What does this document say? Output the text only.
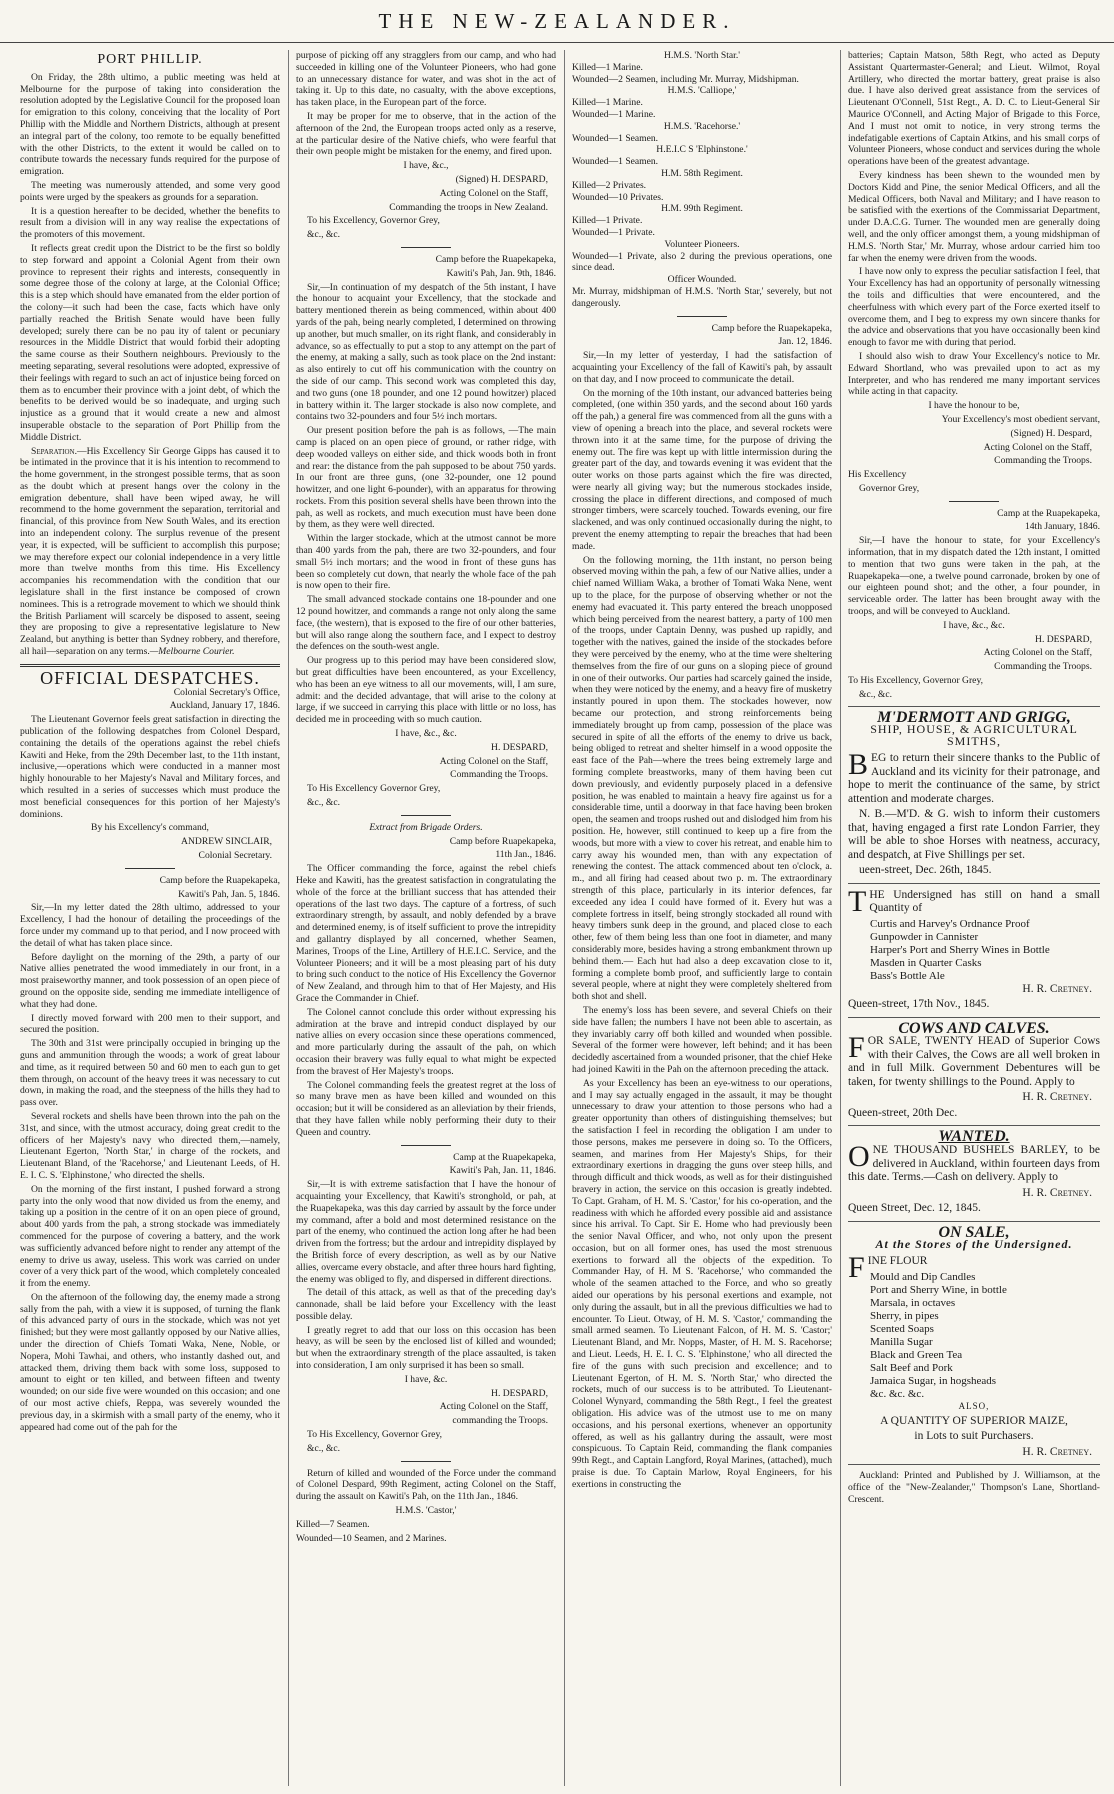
THE NEW-ZEALANDER.
PORT PHILLIP.

On Friday, the 28th ultimo, a public meeting was held at Melbourne for the purpose of taking into consideration the resolution adopted by the Legislative Council for the proposed loan for emigration to this colony, conceiving that the locality of Port Phillip with the Middle and Northern Districts, although at present an integral part of the colony, too remote to be equally benefitted with the other Districts, to the extent it would be called on to contribute towards the necessary funds required for the purpose of emigration.

The meeting was numerously attended, and some very good points were urged by the speakers as grounds for a separation.

It is a question hereafter to be decided, whether the benefits to result from a division will in any way realise the expectations of the promoters of this movement.

It reflects great credit upon the District to be the first so boldly to step forward and appoint a Colonial Agent from their own province to represent their rights and interests, consequently in some degree those of the colony at large, at the Colonial Office; this is a step which should have emanated from the elder portion of the colony—it such had been the case, facts which have only partially reached the British Senate would have been fully developed; surely there can be no pau ity of talent or pecuniary resources in the Middle District that would forbid their adopting the same course as their Southern neighbours. Previously to the meeting separating, several resolutions were adopted, expressive of their feelings with regard to such an act of injustice being forced on them as to encumber their province with a joint debt, of which the benefits to be derived would be so inadequate, and urging such injustice as a ground that it would create a new and almost insuperable obstacle to the separation of Port Phillip from the Middle District.

Separation.—His Excellency Sir George Gipps has caused it to be intimated in the province that it is his intention to recommend to the home government, in the strongest possible terms, that as soon as the doubt which at present hangs over the colony in the emigration debenture, shall have been wiped away, he will recommend to the home government the separation, territorial and financial, of this province from New South Wales, and its erection into an independent colony. The surplus revenue of the present year, it is expected, will be sufficient to accomplish this purpose; we may therefore expect our colonial independence in a very little more than twelve months from this time. His Excellency accompanies his recommendation with the condition that our legislature shall in the first instance be composed of crown nominees. This is a retrograde movement to which we should think the British Parliament will scarcely be disposed to assent, seeing they are proposing to give a representative legislature to New Zealand, but anything is better than Sydney robbery, and therefore, all hail—separation on any terms.—Melbourne Courier.

OFFICIAL DESPATCHES.

Colonial Secretary's Office,

Auckland, January 17, 1846.

The Lieutenant Governor feels great satisfaction in directing the publication of the following despatches from Colonel Despard, containing the details of the operations against the rebel chiefs Kawiti and Heke, from the 29th December last, to the 11th instant, inclusive,—operations which were conducted in a manner most highly honourable to her Majesty's Naval and Military forces, and which resulted in a series of successes which must produce the most beneficial consequences for this portion of her Majesty's dominions.

By his Excellency's command,

ANDREW SINCLAIR,

Colonial Secretary.

Camp before the Ruapekapeka,

Kawiti's Pah, Jan. 5, 1846.

Sir,—In my letter dated the 28th ultimo, addressed to your Excellency, I had the honour of detailing the proceedings of the force under my command up to that period, and I now proceed with the detail of what has taken place since.

Before daylight on the morning of the 29th, a party of our Native allies penetrated the wood immediately in our front, in a most praiseworthy manner, and took possession of an open piece of ground on the opposite side, sending me immediate intelligence of what they had done.

I directly moved forward with 200 men to their support, and secured the position.

The 30th and 31st were principally occupied in bringing up the guns and ammunition through the woods; a work of great labour and time, as it required between 50 and 60 men to each gun to get them through, on account of the heavy trees it was necessary to cut down, in making the road, and the steepness of the hills they had to pass over.

Several rockets and shells have been thrown into the pah on the 31st, and since, with the utmost accuracy, doing great credit to the officers of her Majesty's navy who directed them,—namely, Lieutenant Egerton, 'North Star,' in charge of the rockets, and Lieutenant Bland, of the 'Racehorse,' and Lieutenant Leeds, of H. E. I. C. S. 'Elphinstone,' who directed the shells.

On the morning of the first instant, I pushed forward a strong party into the only wood that now divided us from the enemy, and taking up a position in the centre of it on an open piece of ground, about 400 yards from the pah, a strong stockade was immediately commenced for the purpose of covering a battery, and the work was sufficiently advanced before night to render any attempt of the enemy to drive us away, useless. This work was carried on under cover of a very thick part of the wood, which completely concealed it from the enemy.

On the afternoon of the following day, the enemy made a strong sally from the pah, with a view it is supposed, of turning the flank of this advanced party of ours in the stockade, which was not yet finished; but they were most gallantly opposed by our Native allies, under the direction of Chiefs Tomati Waka, Nene, Noble, or Nopera, Mohi Tawhai, and others, who instantly dashed out, and attacked them, driving them back with some loss, supposed to amount to eight or ten killed, and between fifteen and twenty wounded; on our side five were wounded on this occasion; and one of our most active chiefs, Reppa, was severely wounded the previous day, in a skirmish with a small party of the enemy, who it appeared had come out of the pah for the

purpose of picking off any stragglers from our camp, and who had succeeded in killing one of the Volunteer Pioneers, who had gone to an unnecessary distance for water, and was shot in the act of taking it. Up to this date, no casualty, with the above exceptions, has taken place, in the European part of the force.

It may be proper for me to observe, that in the action of the afternoon of the 2nd, the European troops acted only as a reserve, at the particular desire of the Native chiefs, who were fearful that their own people might be mistaken for the enemy, and fired upon.

I have, &c.,

(Signed) H. DESPARD,

Acting Colonel on the Staff,

Commanding the troops in New Zealand.

To his Excellency, Governor Grey,

&c., &c.

Camp before the Ruapekapeka,

Kawiti's Pah, Jan. 9th, 1846.

Sir,—In continuation of my despatch of the 5th instant, I have the honour to acquaint your Excellency, that the stockade and battery mentioned therein as being commenced, within about 400 yards of the pah, being nearly completed, I determined on throwing up another, but much smaller, on its right flank, and considerably in advance, so as effectually to put a stop to any attempt on the part of the enemy, at making a sally, such as took place on the 2nd instant: as also entirely to cut off his communication with the country on the side of our camp. This second work was completed this day, and two guns (one 18 pounder, and one 12 pound howitzer) placed in battery within it. The larger stockade is also now complete, and contains two 32-pounders and four 5½ inch mortars.

Our present position before the pah is as follows, —The main camp is placed on an open piece of ground, or rather ridge, with deep wooded valleys on either side, and thick woods both in front and rear: the distance from the pah supposed to be about 750 yards. In our front are three guns, (one 32-pounder, one 12 pound howitzer, and one light 6-pounder), with an apparatus for throwing rockets. From this position several shells have been thrown into the pah, as well as rockets, and much execution must have been done by them, as they were well directed.

Within the larger stockade, which at the utmost cannot be more than 400 yards from the pah, there are two 32-pounders, and four small 5½ inch mortars; and the wood in front of these guns has been so completely cut down, that nearly the whole face of the pah is now open to their fire.

The small advanced stockade contains one 18-pounder and one 12 pound howitzer, and commands a range not only along the same face, (the western), that is exposed to the fire of our other batteries, but will also range along the southern face, and I expect to destroy the defences on the south-west angle.

Our progress up to this period may have been considered slow, but great difficulties have been encountered, as your Excellency, who has been an eye witness to all our movements, will, I am sure, admit: and the decided advantage, that will arise to the colony at large, if we succeed in carrying this place with little or no loss, has decided me in proceeding with so much caution.

I have, &c., &c.

H. DESPARD,

Acting Colonel on the Staff,

Commanding the Troops.

To His Excellency Governor Grey,

&c., &c.

Extract from Brigade Orders.

Camp before Ruapekapeka,

11th Jan., 1846.

The Officer commanding the force, against the rebel chiefs Heke and Kawiti, has the greatest satisfaction in congratulating the whole of the force at the brilliant success that has attended their operations of the last two days. The capture of a fortress, of such extraordinary strength, by assault, and nobly defended by a brave and determined enemy, is of itself sufficient to prove the intrepidity and gallantry displayed by all concerned, whether Seamen, Marines, Troops of the Line, Artillery of H.E.I.C. Service, and the Volunteer Pioneers; and it will be a most pleasing part of his duty to bring such conduct to the notice of His Excellency the Governor of New Zealand, and through him to that of Her Majesty, and His Grace the Commander in Chief.

The Colonel cannot conclude this order without expressing his admiration at the brave and intrepid conduct displayed by our native allies on every occasion since these operations commenced, and more particularly during the assault of the pah, on which occasion their bravery was fully equal to what might be expected from the bravest of Her Majesty's troops.

The Colonel commanding feels the greatest regret at the loss of so many brave men as have been killed and wounded on this occasion; but it will be considered as an alleviation by their friends, that they have fallen while nobly performing their duty to their Queen and country.

Camp at the Ruapekapeka,

Kawiti's Pah, Jan. 11, 1846.

Sir,—It is with extreme satisfaction that I have the honour of acquainting your Excellency, that Kawiti's stronghold, or pah, at the Ruapekapeka, was this day carried by assault by the force under my command, after a bold and most determined resistance on the part of the enemy, who continued the action long after he had been driven from the fortress; but the ardour and intrepidity displayed by the British force of every description, as well as by our Native allies, overcame every obstacle, and after three hours hard fighting, the enemy was obliged to fly, and dispersed in different directions.

The detail of this attack, as well as that of the preceding day's cannonade, shall be laid before your Excellency with the least possible delay.

I greatly regret to add that our loss on this occasion has been heavy, as will be seen by the enclosed list of killed and wounded; but when the extraordinary strength of the place assaulted, is taken into consideration, I am only surprised it has been so small.

I have, &c.

H. DESPARD,

Acting Colonel on the Staff,

commanding the Troops.

To His Excellency, Governor Grey,

&c., &c.

Return of killed and wounded of the Force under the command of Colonel Despard, 99th Regiment, acting Colonel on the Staff, during the assault on Kawiti's Pah, on the 11th Jan., 1846.

H.M.S. 'Castor,'

Killed—7 Seamen.

Wounded—10 Seamen, and 2 Marines.

H.M.S. 'North Star.'

Killed—1 Marine.

Wounded—2 Seamen, including Mr. Murray, Midshipman.

H.M.S. 'Calliope,'

Killed—1 Marine.

Wounded—1 Marine.

H.M.S. 'Racehorse.'

Wounded—1 Seamen.

H.E.I.C S 'Elphinstone.'

Wounded—1 Seamen.

H.M. 58th Regiment.

Killed—2 Privates.

Wounded—10 Privates.

H.M. 99th Regiment.

Killed—1 Private.

Wounded—1 Private.

Volunteer Pioneers.

Wounded—1 Private, also 2 during the previous operations, one since dead.

Officer Wounded.

Mr. Murray, midshipman of H.M.S. 'North Star,' severely, but not dangerously.

Camp before the Ruapekapeka,

Jan. 12, 1846.

Sir,—In my letter of yesterday, I had the satisfaction of acquainting your Excellency of the fall of Kawiti's pah, by assault on that day, and I now proceed to communicate the detail.

On the morning of the 10th instant, our advanced batteries being completed, (one within 350 yards, and the second about 160 yards off the pah,) a general fire was commenced from all the guns with a view of opening a breach into the place, and several rockets were thrown into it at the same time, for the purpose of driving the enemy out. The fire was kept up with little intermission during the greater part of the day, and towards evening it was evident that the outer works on those parts against which the fire was directed, were nearly all giving way; but the numerous stockades inside, crossing the place in different directions, and composed of much stronger timbers, were scarcely touched. Towards evening, our fire slackened, and was only continued occasionally during the night, to prevent the enemy attempting to repair the breaches that had been made.

On the following morning, the 11th instant, no person being observed moving within the pah, a few of our Native allies, under a chief named William Waka, a brother of Tomati Waka Nene, went up to the place, for the purpose of observing whether or not the enemy had evacuated it. This party entered the breach unopposed which being perceived from the nearest battery, a party of 100 men of the troops, under Captain Denny, was pushed up rapidly, and together with the natives, gained the inside of the stockades before they were perceived by the enemy, who at the time were sheltering themselves from the fire of our guns on a sloping piece of ground in one of their outworks. Our parties had scarcely gained the inside, when they were noticed by the enemy, and a heavy fire of musketry instantly poured in upon them. The stockades however, now became our protection, and strong reinforcements being immediately brought up from camp, possession of the place was secured in spite of all the efforts of the enemy to drive us back, being obliged to retreat and shelter himself in a wood opposite the east face of the Pah—where the trees being extremely large and forming complete breastworks, many of them having been cut down previously, and evidently purposely placed in a defensive position, he was enabled to maintain a heavy fire against us for a considerable time, until a doorway in that face having been broken open, the seamen and troops rushed out and dislodged him from his position. He, however, still continued to keep up a fire from the woods, but more with a view to cover his retreat, and enable him to carry away his wounded men, than with any expectation of renewing the contest. The attack commenced about ten o'clock, a. m., and all firing had ceased about two p. m. The extraordinary strength of this place, particularly in its interior defences, far exceeded any idea I could have formed of it. Every hut was a complete fortress in itself, being strongly stockaded all round with heavy timbers sunk deep in the ground, and placed close to each other, few of them being less than one foot in diameter, and many considerably more, besides having a strong embankment thrown up behind them.— Each hut had also a deep excavation close to it, forming a complete bomb proof, and sufficiently large to contain several people, where at night they were completely sheltered from both shot and shell.

The enemy's loss has been severe, and several Chiefs on their side have fallen; the numbers I have not been able to ascertain, as they invariably carry off both killed and wounded when possible. Several of the former were however, left behind; and it has been decidedly ascertained from a wounded prisoner, that the chief Heke had joined Kawiti in the Pah on the afternoon preceding the attack.

As your Excellency has been an eye-witness to our operations, and I may say actually engaged in the assault, it may be thought unnecessary to draw your attention to those persons who had a greater opportunity than others of distinguishing themselves; but the satisfaction I feel in recording the obligation I am under to those persons, makes me persevere in doing so. To the Officers, seamen, and marines from Her Majesty's Ships, for their extraordinary exertions in dragging the guns over steep hills, and through difficult and thick woods, as well as for their distinguished bravery in action, the service on this occasion is greatly indebted. To Capt. Graham, of H. M. S. 'Castor,' for his co-operation, and the readiness with which he afforded every possible aid and assistance since his arrival. To Capt. Sir E. Home who had previously been the senior Naval Officer, and who, not only upon the present occasion, but on all former ones, has used the most strenuous exertions to forward all the objects of the expedition. To Commander Hay, of H. M S. 'Racehorse,' who commanded the whole of the seamen attached to the Force, and who so greatly aided our operations by his personal exertions and example, not only during the assault, but in all the previous difficulties we had to encounter. To Lieut. Otway, of H. M. S. 'Castor,' commanding the small armed seamen. To Lieutenant Falcon, of H. M. S. 'Castor;' Lieutenant Bland, and Mr. Nopps, Master, of H. M. S. Racehorse; and Lieut. Leeds, H. E. I. C. S. 'Elphinstone,' who all directed the fire of the guns with such precision and excellence; and to Lieutenant Egerton, of H. M. S. 'North Star,' who directed the rockets, much of our success is to be attributed. To Lieutenant-Colonel Wynyard, commanding the 58th Regt., I feel the greatest obligation. His advice was of the utmost use to me on many occasions, and his personal exertions, whenever an opportunity offered, as well as his gallantry during the assault, were most conspicuous. To Captain Reid, commanding the flank companies 99th Regt., and Captain Langford, Royal Marines, (attached), much praise is due. To Captain Marlow, Royal Engineers, for his exertions in constructing the

batteries; Captain Matson, 58th Regt, who acted as Deputy Assistant Quartermaster-General; and Lieut. Wilmot, Royal Artillery, who directed the mortar battery, great praise is also due. I have also derived great assistance from the services of Lieutenant O'Connell, 51st Regt., A. D. C. to Lieut-General Sir Maurice O'Connell, and Acting Major of Brigade to this Force, And I must not omit to notice, in very strong terms the indefatigable exertions of Captain Atkins, and his small corps of Volunteer Pioneers, whose conduct and services during the whole operations have been of the greatest advantage.

Every kindness has been shewn to the wounded men by Doctors Kidd and Pine, the senior Medical Officers, and all the Medical Officers, both Naval and Military; and I have reason to be satisfied with the exertions of the Commissariat Department, under D.A.C.G. Turner. The wounded men are generally doing well, and the only officer amongst them, a young midshipman of H.M.S. 'North Star,' Mr. Murray, whose ardour carried him too far when the enemy were driven from the woods.

I have now only to express the peculiar satisfaction I feel, that Your Excellency has had an opportunity of personally witnessing the toils and difficulties that were encountered, and the cheerfulness with which every part of the Force exerted itself to overcome them, and I beg to express my own sincere thanks for the advice and observations that you have occasionally been kind enough to favor me with during that period.

I should also wish to draw Your Excellency's notice to Mr. Edward Shortland, who was prevailed upon to act as my Interpreter, and who has rendered me many important services while acting in that capacity.

I have the honour to be,

Your Excellency's most obedient servant,

(Signed) H. Despard,

Acting Colonel on the Staff,

Commanding the Troops.

His Excellency

Governor Grey,

Camp at the Ruapekapeka,

14th January, 1846.

Sir,—I have the honour to state, for your Excellency's information, that in my dispatch dated the 12th instant, I omitted to mention that two guns were taken in the pah, at the Ruapekapeka—one, a twelve pound carronade, broken by one of our eighteen pound shot; and the other, a four pounder, in serviceable order. The latter has been brought away with the troops, and will be conveyed to Auckland.

I have, &c., &c.

H. DESPARD,

Acting Colonel on the Staff,

Commanding the Troops.

To His Excellency, Governor Grey,

&c., &c.

M'DERMOTT AND GRIGG,
SHIP, HOUSE, & AGRICULTURAL SMITHS,

BEG to return their sincere thanks to the Public of Auckland and its vicinity for their patronage, and hope to merit the continuance of the same, by strict attention and moderate charges.

N. B.—M'D. & G. wish to inform their customers that, having engaged a first rate London Farrier, they will be able to shoe Horses with neatness, accuracy, and despatch, at Five Shillings per set.

ueen-street, Dec. 26th, 1845.

THE Undersigned has still on hand a small Quantity of

Curtis and Harvey's Ordnance Proof

Gunpowder in Cannister

Harper's Port and Sherry Wines in Bottle

Masden in Quarter Casks

Bass's Bottle Ale

H. R. Cretney.

Queen-street, 17th Nov., 1845.

COWS AND CALVES.

FOR SALE, TWENTY HEAD of Superior Cows with their Calves, the Cows are all well broken in and in full Milk. Government Debentures will be taken, for twenty shillings to the Pound. Apply to

H. R. Cretney.

Queen-street, 20th Dec.

WANTED.

ONE THOUSAND BUSHELS BARLEY, to be delivered in Auckland, within fourteen days from this date. Terms.—Cash on delivery. Apply to

H. R. Cretney.

Queen Street, Dec. 12, 1845.

ON SALE,
At the Stores of the Undersigned.

FINE FLOUR

Mould and Dip Candles

Port and Sherry Wine, in bottle

Marsala, in octaves

Sherry, in pipes

Scented Soaps

Manilla Sugar

Black and Green Tea

Salt Beef and Pork

Jamaica Sugar, in hogsheads

&c. &c. &c.

ALSO,

A QUANTITY OF SUPERIOR MAIZE,

in Lots to suit Purchasers.

H. R. Cretney.

Auckland: Printed and Published by J. Williamson, at the office of the "New-Zealander," Thompson's Lane, Shortland-Crescent.
